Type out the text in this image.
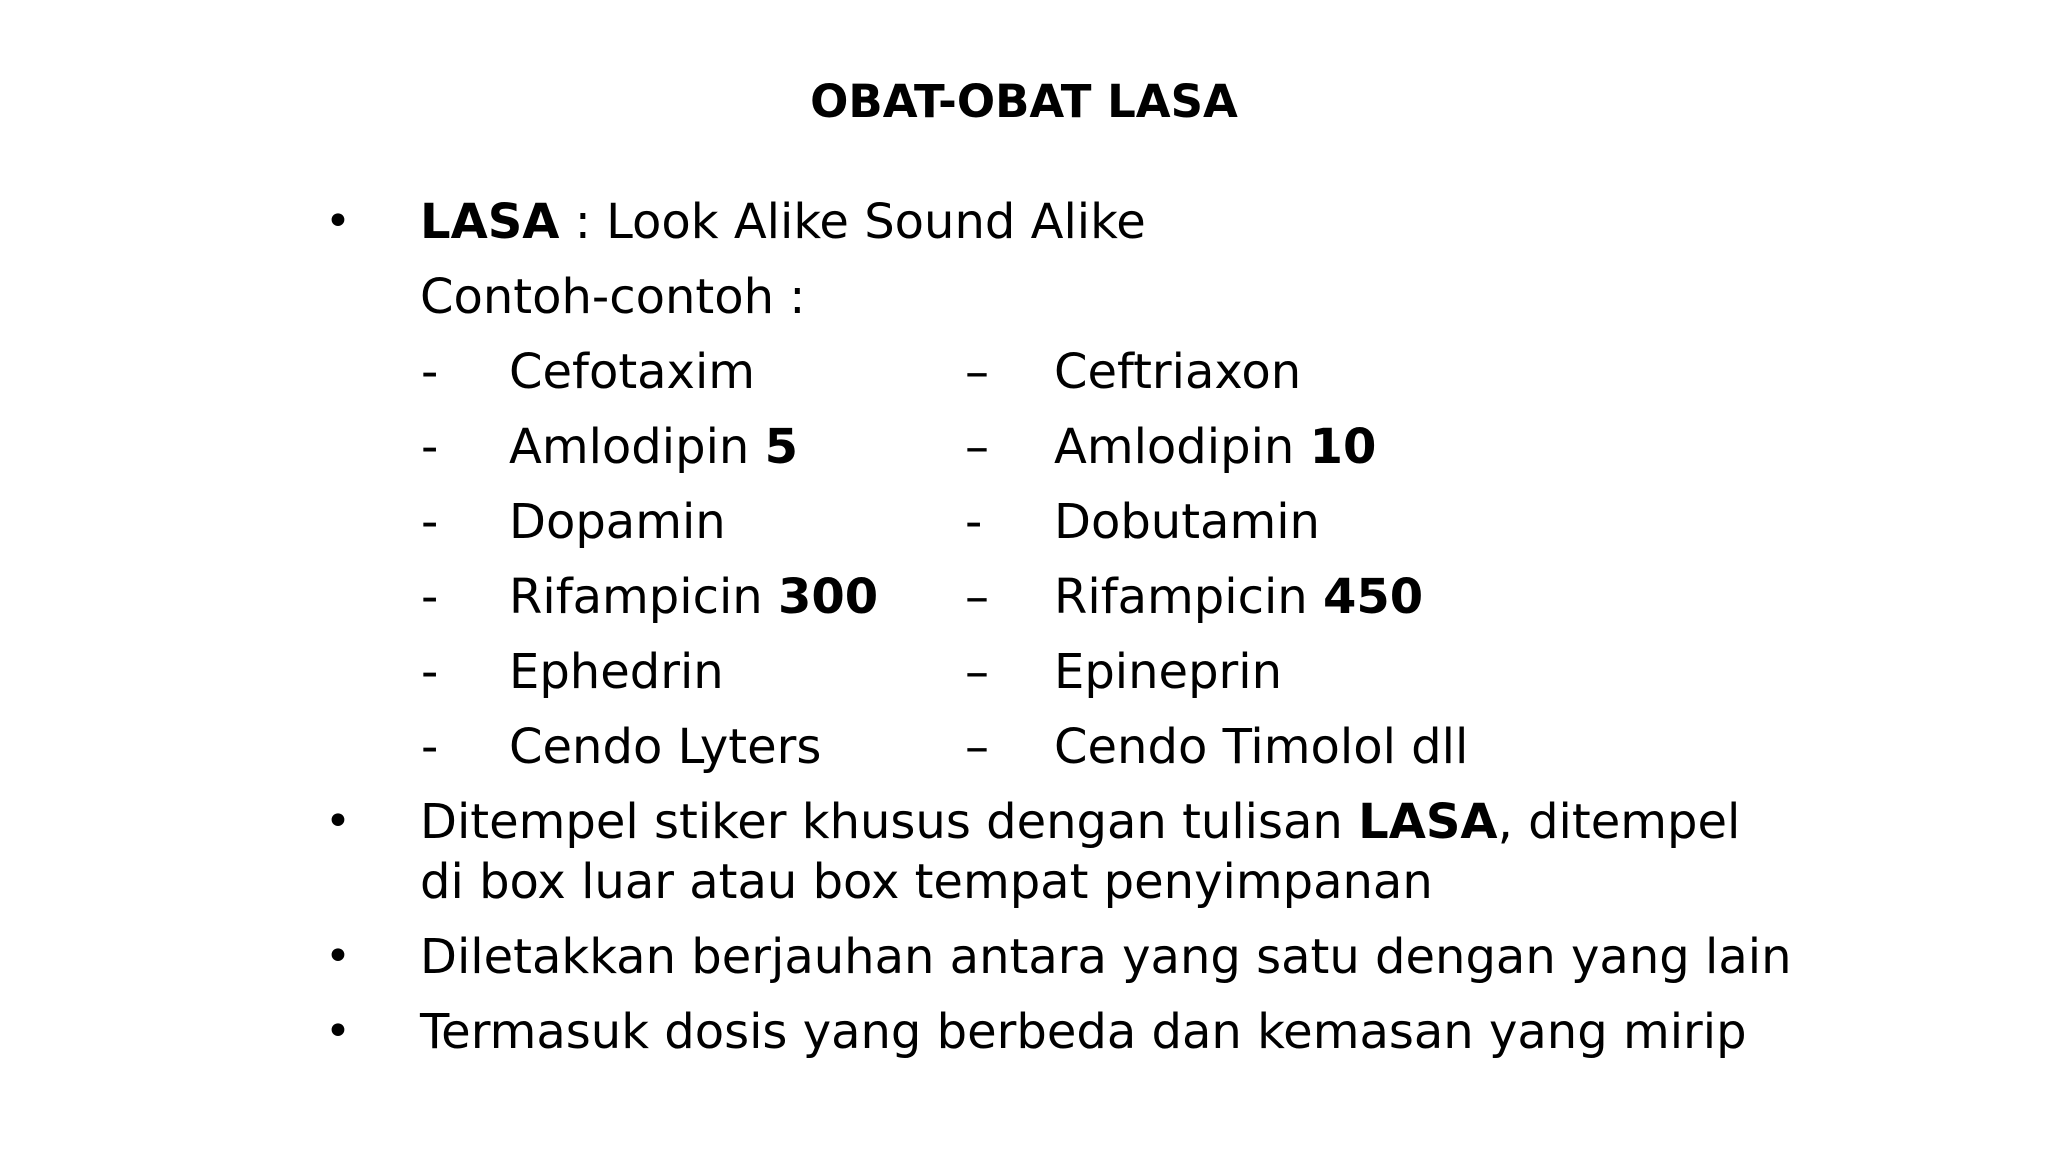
OBAT-OBAT LASA
• LASA : Look Alike Sound Alike
Contoh-contoh :
- Cefotaxim	– Ceftriaxon
- Amlodipin 5	– Amlodipin 10
- Dopamin	- Dobutamin
- Rifampicin 300 – Rifampicin 450
- Ephedrin	– Epineprin
- Cendo Lyters	– Cendo Timolol dll
• Ditempel stiker khusus dengan tulisan LASA, ditempel
di box luar atau box tempat penyimpanan
• Diletakkan berjauhan antara yang satu dengan yang lain
• Termasuk dosis yang berbeda dan kemasan yang mirip
